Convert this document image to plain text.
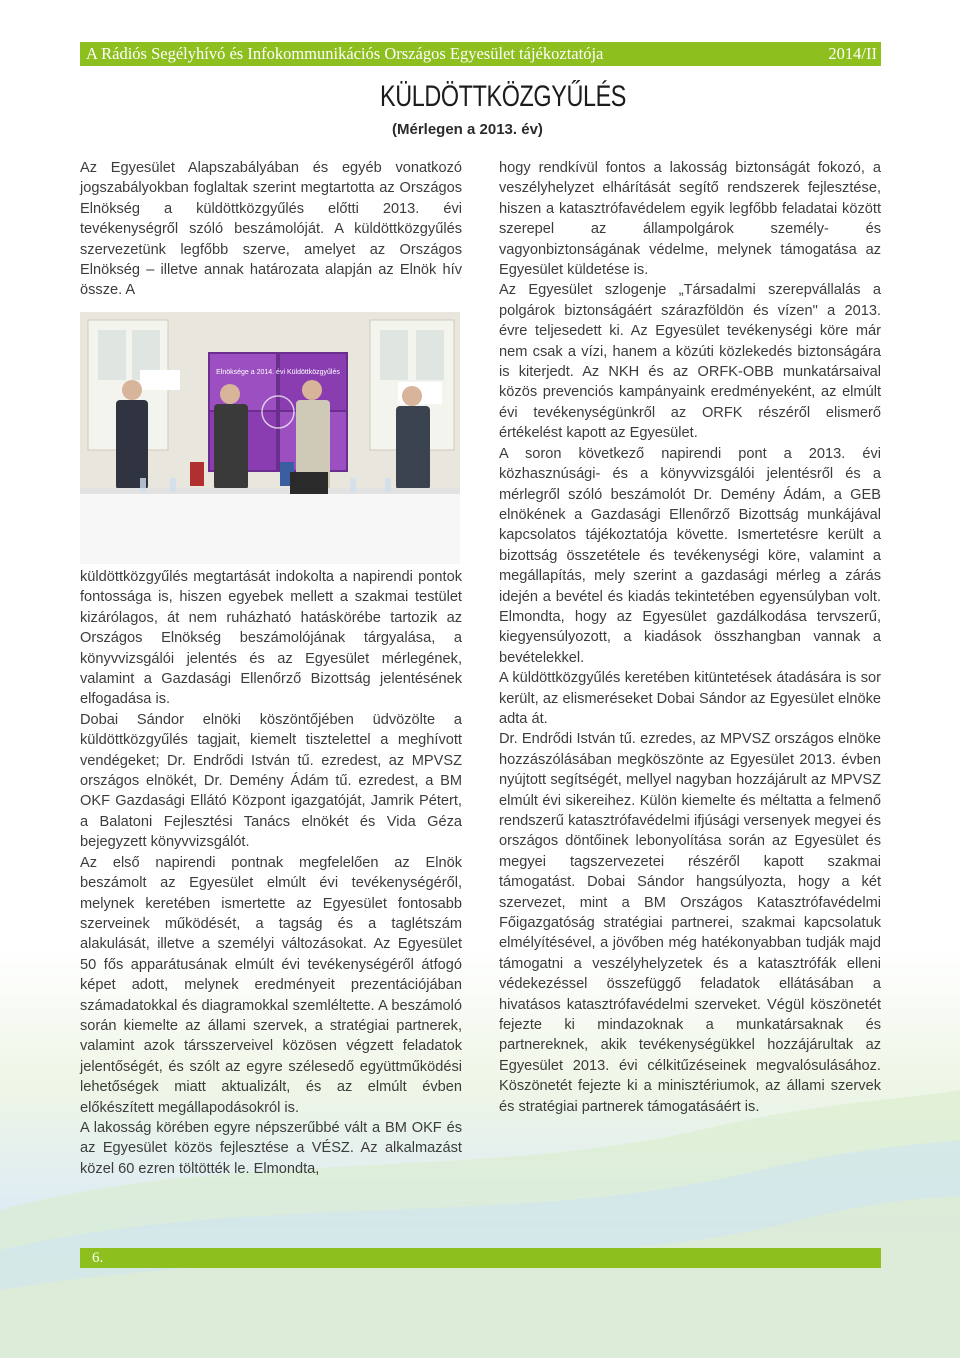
A Rádiós Segélyhívó és Infokommunikációs Országos Egyesület tájékoztatója	2014/II
KÜLDÖTTKÖZGYŰLÉS
(Mérlegen a 2013. év)

Az Egyesület Alapszabályában és egyéb vonatkozó jogszabályokban foglaltak szerint megtartotta az Országos Elnökség a küldöttközgyűlés előtti 2013. évi tevékenységről szóló beszámolóját. A küldöttközgyűlés szervezetünk legfőbb szerve, amelyet az Országos Elnökség – illetve annak határozata alapján az Elnök hív össze. A

Elnöksége a 2014. évi Küldöttközgyűlés

küldöttközgyűlés megtartását indokolta a napirendi pontok fontossága is, hiszen egyebek mellett a szakmai testület kizárólagos, át nem ruházható hatáskörébe tartozik az Országos Elnökség beszámolójának tárgyalása, a könyvvizsgálói jelentés és az Egyesület mérlegének, valamint a Gazdasági Ellenőrző Bizottság jelentésének elfogadása is.

Dobai Sándor elnöki köszöntőjében üdvözölte a küldöttközgyűlés tagjait, kiemelt tisztelettel a meghívott vendégeket; Dr. Endrődi István tű. ezredest, az MPVSZ országos elnökét, Dr. Demény Ádám tű. ezredest, a BM OKF Gazdasági Ellátó Központ igazgatóját, Jamrik Pétert, a Balatoni Fejlesztési Tanács elnökét és Vida Géza bejegyzett könyvvizsgálót.

Az első napirendi pontnak megfelelően az Elnök beszámolt az Egyesület elmúlt évi tevékenységéről, melynek keretében ismertette az Egyesület fontosabb szerveinek működését, a tagság és a taglétszám alakulását, illetve a személyi változásokat. Az Egyesület 50 fős apparátusának elmúlt évi tevékenységéről átfogó képet adott, melynek eredményeit prezentációjában számadatokkal és diagramokkal szemléltette. A beszámoló során kiemelte az állami szervek, a stratégiai partnerek, valamint azok társszerveivel közösen végzett feladatok jelentőségét, és szólt az egyre szélesedő együttműködési lehetőségek miatt aktualizált, és az elmúlt évben előkészített megállapodásokról is.

A lakosság körében egyre népszerűbbé vált a BM OKF és az Egyesület közös fejlesztése a VÉSZ. Az alkalmazást közel 60 ezren töltötték le. Elmondta,

hogy rendkívül fontos a lakosság biztonságát fokozó, a veszélyhelyzet elhárítását segítő rendszerek fejlesztése, hiszen a katasztrófavédelem egyik legfőbb feladatai között szerepel az állampolgárok személy- és vagyonbiztonságának védelme, melynek támogatása az Egyesület küldetése is.

Az Egyesület szlogenje „Társadalmi szerepvállalás a polgárok biztonságáért szárazföldön és vízen" a 2013. évre teljesedett ki. Az Egyesület tevékenységi köre már nem csak a vízi, hanem a közúti közlekedés biztonságára is kiterjedt. Az NKH és az ORFK-OBB munkatársaival közös prevenciós kampányaink eredményeként, az elmúlt évi tevékenységünkről az ORFK részéről elismerő értékelést kapott az Egyesület.

A soron következő napirendi pont a 2013. évi közhasznúsági- és a könyvvizsgálói jelentésről és a mérlegről szóló beszámolót Dr. Demény Ádám, a GEB elnökének a Gazdasági Ellenőrző Bizottság munkájával kapcsolatos tájékoztatója követte. Ismertetésre került a bizottság összetétele és tevékenységi köre, valamint a megállapítás, mely szerint a gazdasági mérleg a zárás idején a bevétel és kiadás tekintetében egyensúlyban volt. Elmondta, hogy az Egyesület gazdálkodása tervszerű, kiegyensúlyozott, a kiadások összhangban vannak a bevételekkel.

A küldöttközgyűlés keretében kitüntetések átadására is sor került, az elismeréseket Dobai Sándor az Egyesület elnöke adta át.

Dr. Endrődi István tű. ezredes, az MPVSZ országos elnöke hozzászólásában megköszönte az Egyesület 2013. évben nyújtott segítségét, mellyel nagyban hozzájárult az MPVSZ elmúlt évi sikereihez. Külön kiemelte és méltatta a felmenő rendszerű katasztrófavédelmi ifjúsági versenyek megyei és országos döntőinek lebonyolítása során az Egyesület és megyei tagszervezetei részéről kapott szakmai támogatást. Dobai Sándor hangsúlyozta, hogy a két szervezet, mint a BM Országos Katasztrófavédelmi Főigazgatóság stratégiai partnerei, szakmai kapcsolatuk elmélyítésével, a jövőben még hatékonyabban tudják majd támogatni a veszélyhelyzetek és a katasztrófák elleni védekezéssel összefüggő feladatok ellátásában a hivatásos katasztrófavédelmi szerveket. Végül köszönetét fejezte ki mindazoknak a munkatársaknak és partnereknek, akik tevékenységükkel hozzájárultak az Egyesület 2013. évi célkitűzéseinek megvalósulásához. Köszönetét fejezte ki a minisztériumok, az állami szervek és stratégiai partnerek támogatásáért is.

6.
